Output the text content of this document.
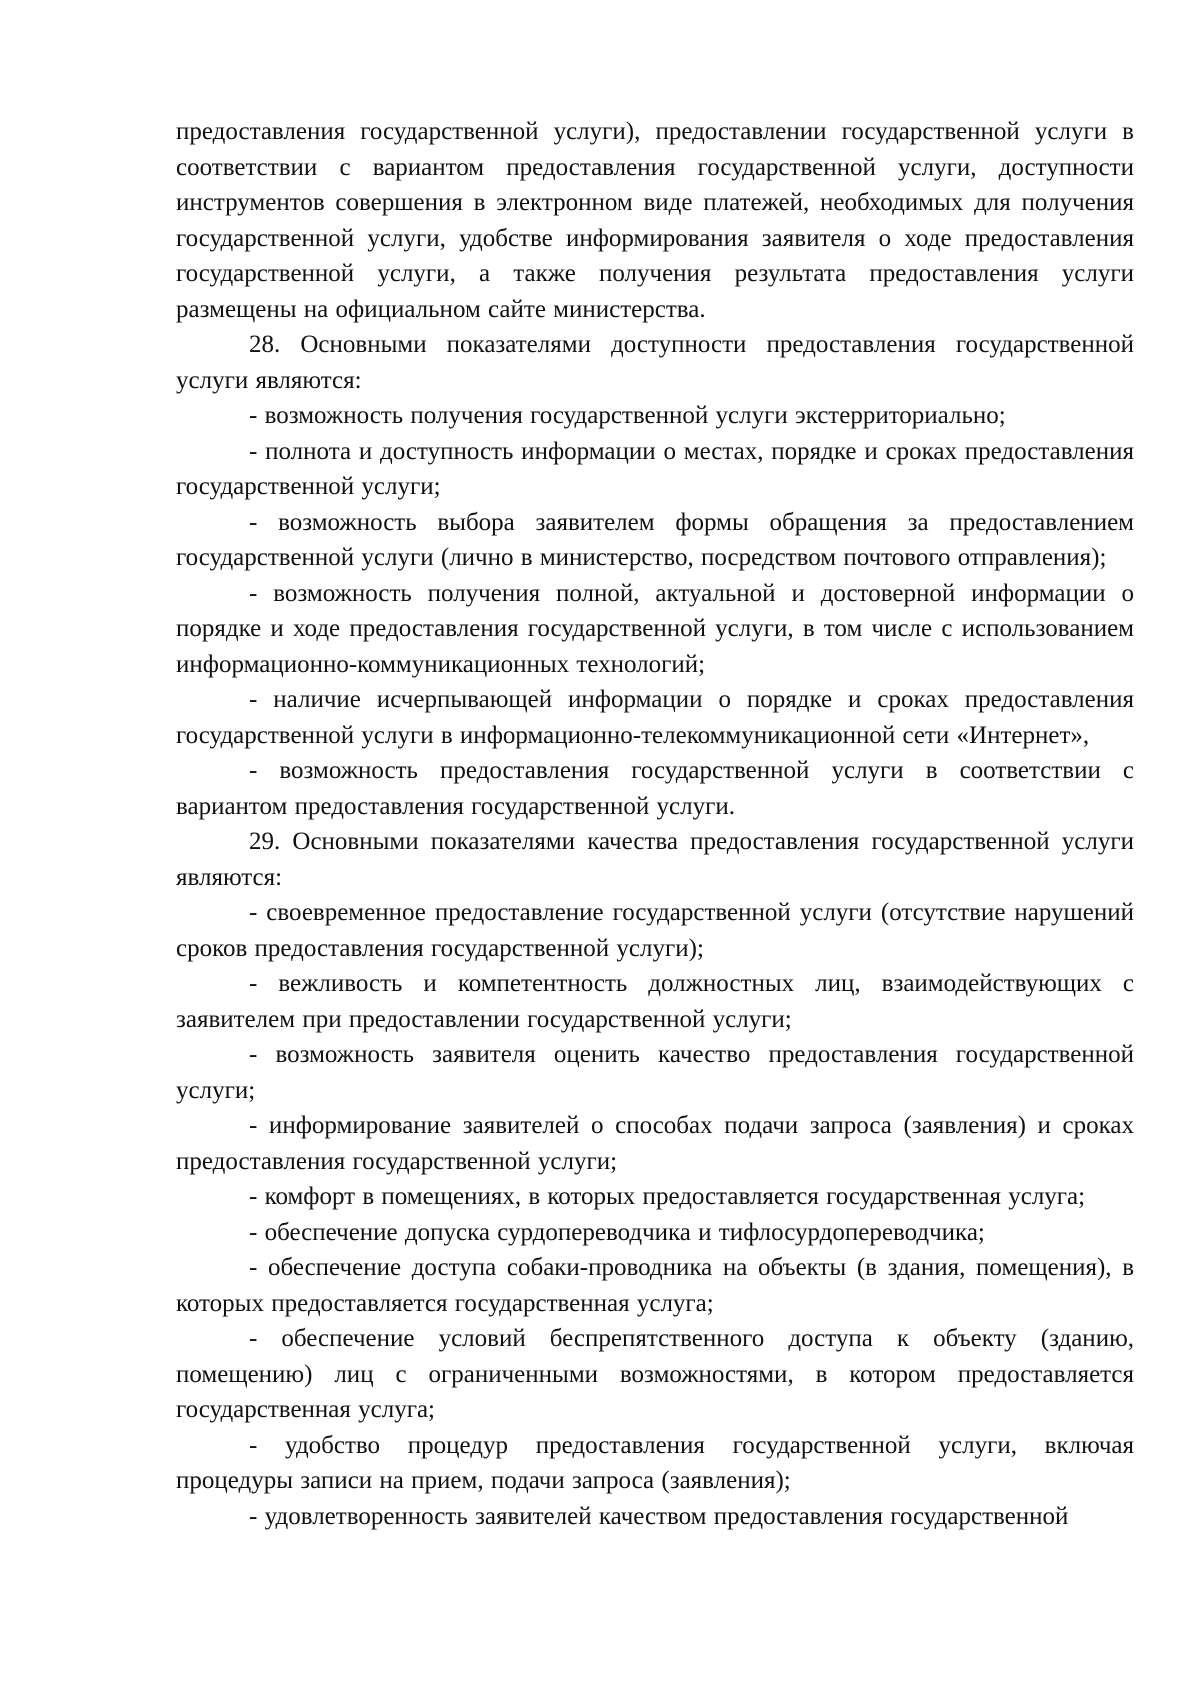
предоставления государственной услуги), предоставлении государственной услуги в соответствии с вариантом предоставления государственной услуги, доступности инструментов совершения в электронном виде платежей, необходимых для получения государственной услуги, удобстве информирования заявителя о ходе предоставления государственной услуги, а также получения результата предоставления услуги размещены на официальном сайте министерства.

28. Основными показателями доступности предоставления государственной услуги являются:

- возможность получения государственной услуги экстерриториально;

- полнота и доступность информации о местах, порядке и сроках предоставления государственной услуги;

- возможность выбора заявителем формы обращения за предоставлением государственной услуги (лично в министерство, посредством почтового отправления);

- возможность получения полной, актуальной и достоверной информации о порядке и ходе предоставления государственной услуги, в том числе с использованием информационно-коммуникационных технологий;

- наличие исчерпывающей информации о порядке и сроках предоставления государственной услуги в информационно-телекоммуникационной сети «Интернет»,

- возможность предоставления государственной услуги в соответствии с вариантом предоставления государственной услуги.

29. Основными показателями качества предоставления государственной услуги являются:

- своевременное предоставление государственной услуги (отсутствие нарушений сроков предоставления государственной услуги);

- вежливость и компетентность должностных лиц, взаимодействующих с заявителем при предоставлении государственной услуги;

- возможность заявителя оценить качество предоставления государственной услуги;

- информирование заявителей о способах подачи запроса (заявления) и сроках предоставления государственной услуги;

- комфорт в помещениях, в которых предоставляется государственная услуга;

- обеспечение допуска сурдопереводчика и тифлосурдопереводчика;

- обеспечение доступа собаки-проводника на объекты (в здания, помещения), в которых предоставляется государственная услуга;

- обеспечение условий беспрепятственного доступа к объекту (зданию, помещению) лиц с ограниченными возможностями, в котором предоставляется государственная услуга;

- удобство процедур предоставления государственной услуги, включая процедуры записи на прием, подачи запроса (заявления);

- удовлетворенность заявителей качеством предоставления государственной
